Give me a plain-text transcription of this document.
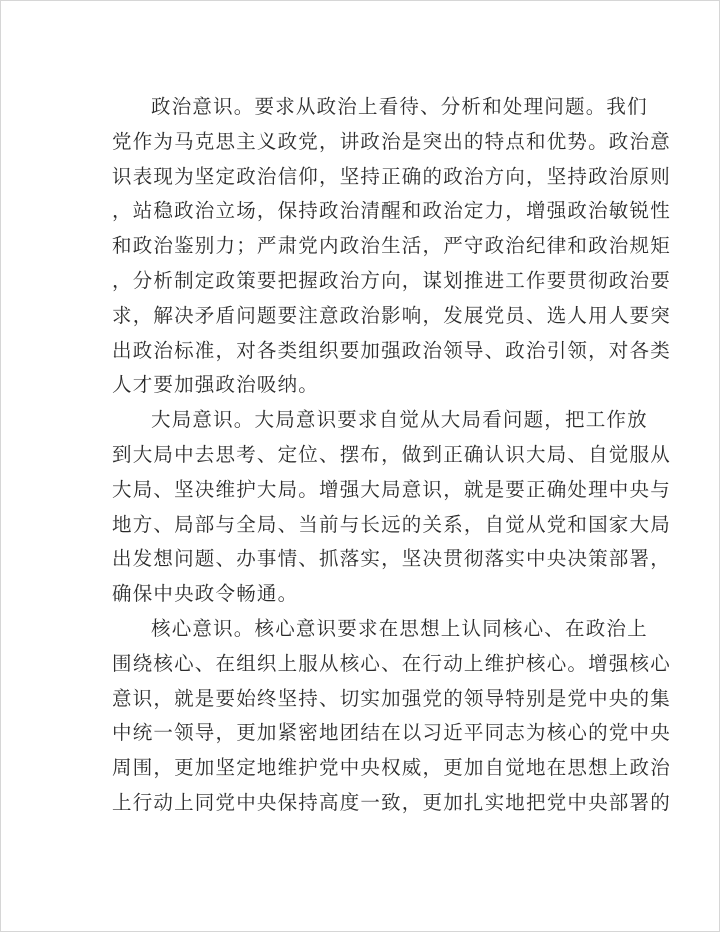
政治意识。要求从政治上看待、分析和处理问题。我们
党作为马克思主义政党，讲政治是突出的特点和优势。政治意
识表现为坚定政治信仰，坚持正确的政治方向，坚持政治原则
，站稳政治立场，保持政治清醒和政治定力，增强政治敏锐性
和政治鉴别力；严肃党内政治生活，严守政治纪律和政治规矩
，分析制定政策要把握政治方向，谋划推进工作要贯彻政治要
求，解决矛盾问题要注意政治影响，发展党员、选人用人要突
出政治标准，对各类组织要加强政治领导、政治引领，对各类
人才要加强政治吸纳。
大局意识。大局意识要求自觉从大局看问题，把工作放
到大局中去思考、定位、摆布，做到正确认识大局、自觉服从
大局、坚决维护大局。增强大局意识，就是要正确处理中央与
地方、局部与全局、当前与长远的关系，自觉从党和国家大局
出发想问题、办事情、抓落实，坚决贯彻落实中央决策部署，
确保中央政令畅通。
核心意识。核心意识要求在思想上认同核心、在政治上
围绕核心、在组织上服从核心、在行动上维护核心。增强核心
意识，就是要始终坚持、切实加强党的领导特别是党中央的集
中统一领导，更加紧密地团结在以习近平同志为核心的党中央
周围，更加坚定地维护党中央权威，更加自觉地在思想上政治
上行动上同党中央保持高度一致，更加扎实地把党中央部署的
